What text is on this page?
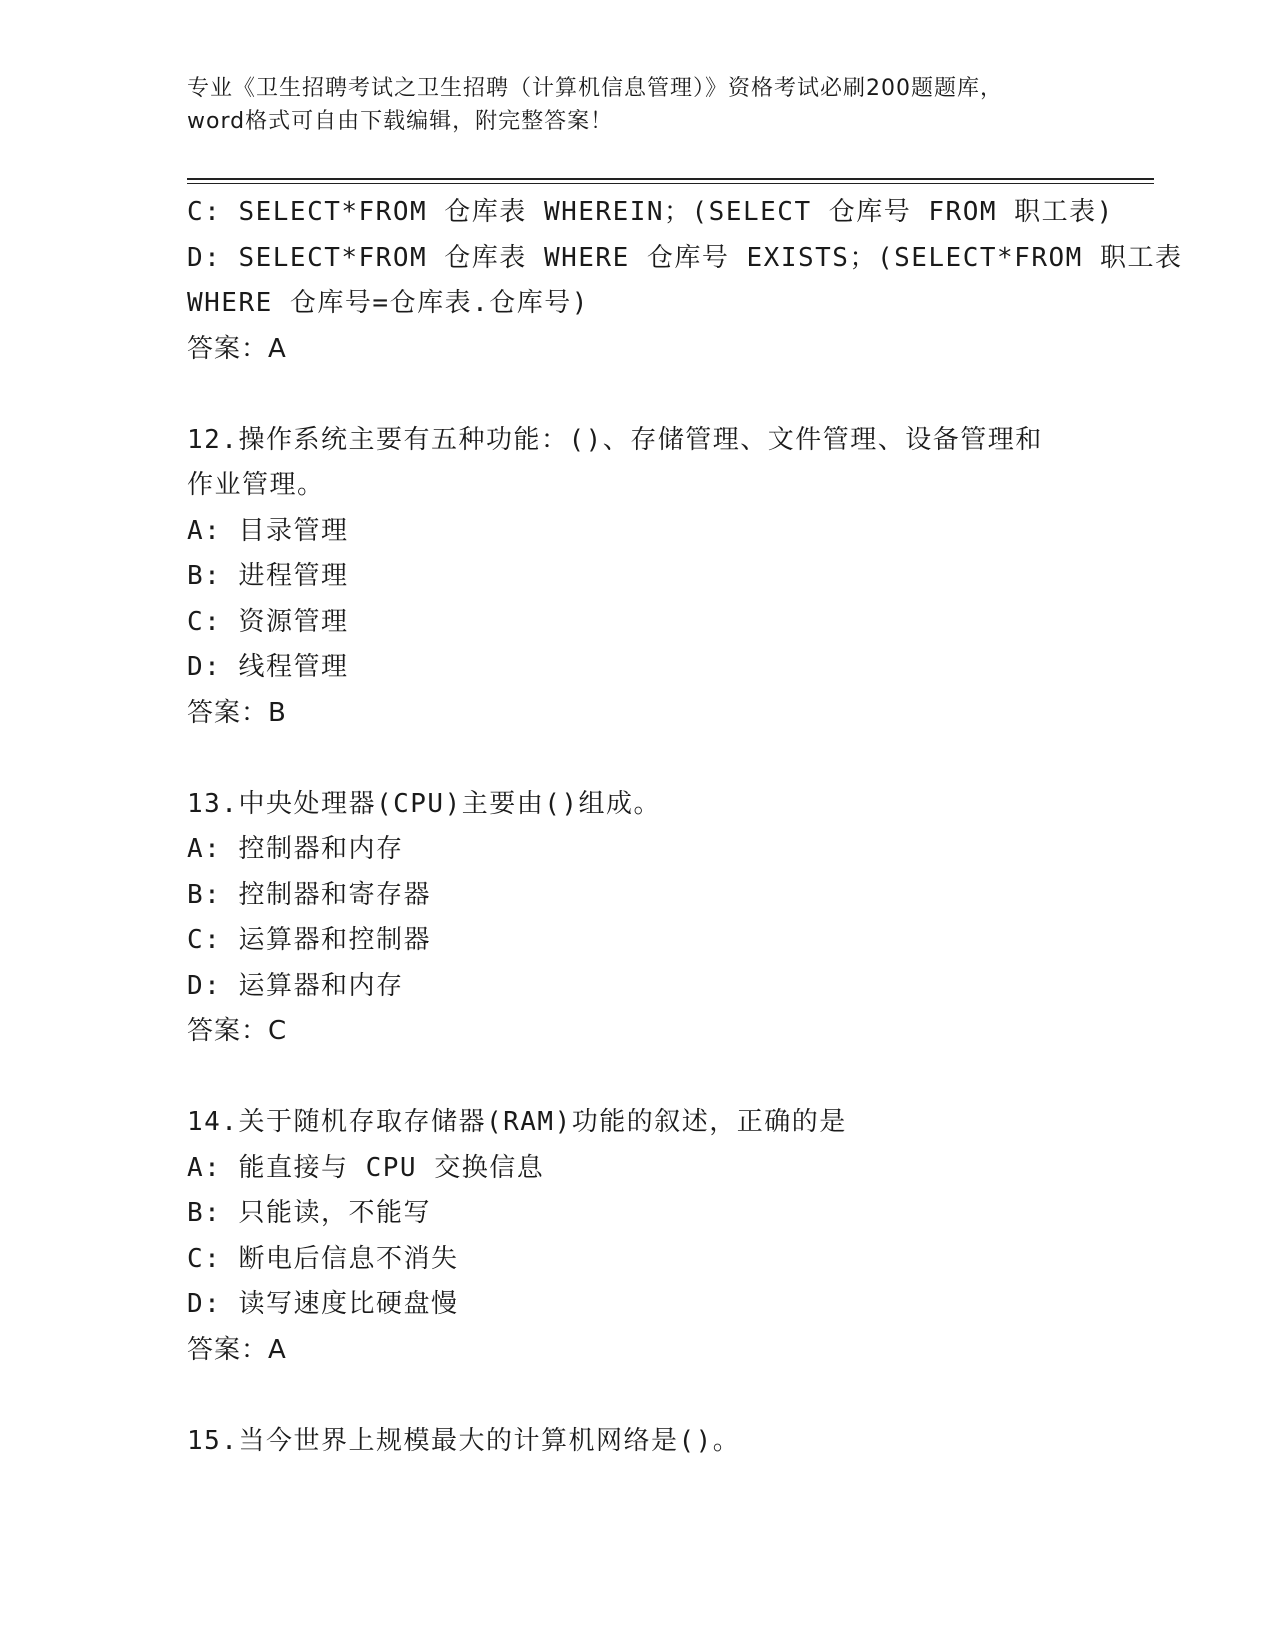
专业《卫生招聘考试之卫生招聘（计算机信息管理）》资格考试必刷200题题库，

word格式可自由下载编辑，附完整答案！

C: SELECT*FROM 仓库表 WHEREIN；(SELECT 仓库号 FROM 职工表)

D: SELECT*FROM 仓库表 WHERE 仓库号 EXISTS；(SELECT*FROM 职工表

WHERE 仓库号=仓库表.仓库号)

答案：A

12.操作系统主要有五种功能：()、存储管理、文件管理、设备管理和

作业管理。

A: 目录管理

B: 进程管理

C: 资源管理

D: 线程管理

答案：B

13.中央处理器(CPU)主要由()组成。

A: 控制器和内存

B: 控制器和寄存器

C: 运算器和控制器

D: 运算器和内存

答案：C

14.关于随机存取存储器(RAM)功能的叙述，正确的是

A: 能直接与 CPU 交换信息

B: 只能读，不能写

C: 断电后信息不消失

D: 读写速度比硬盘慢

答案：A

15.当今世界上规模最大的计算机网络是()。
